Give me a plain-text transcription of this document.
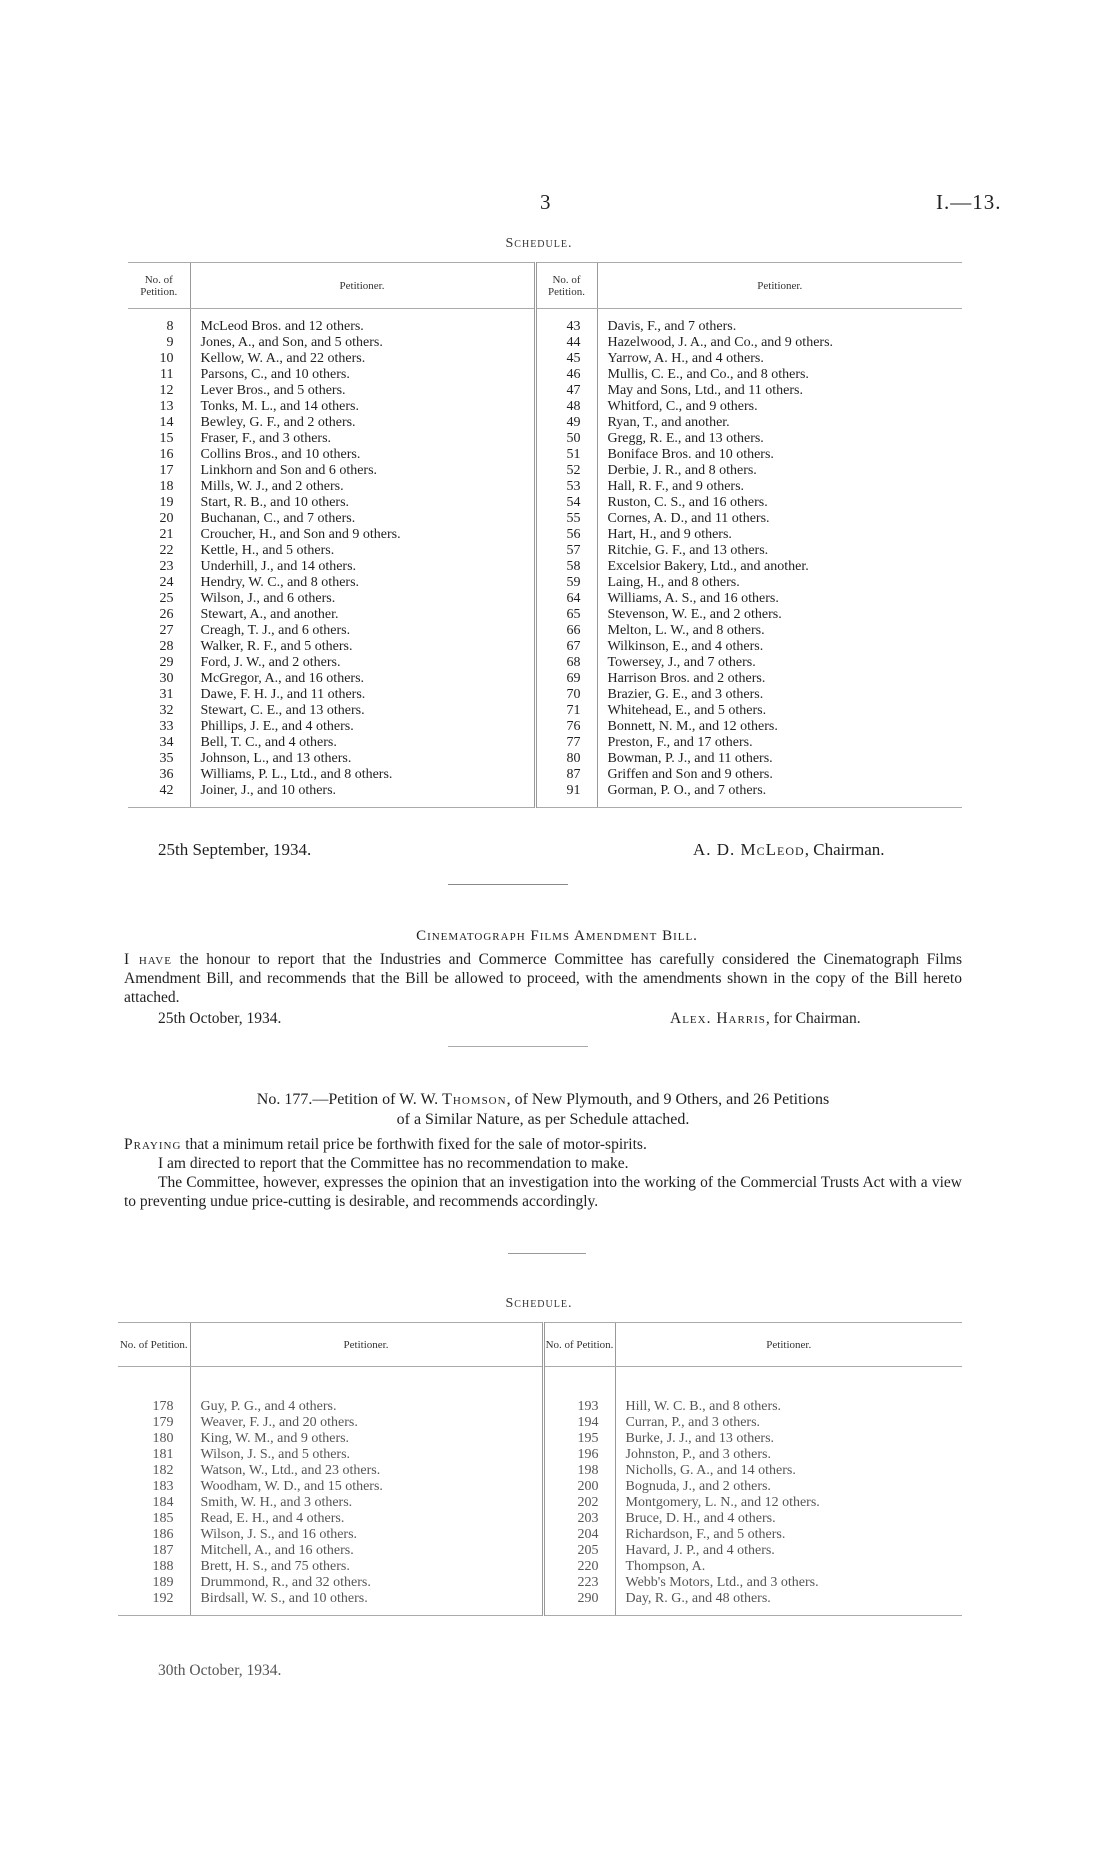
3	I.—13.
Schedule.
No. of Petition.	Petitioner.	No. of Petition.	Petitioner.

8	McLeod Bros. and 12 others.	43	Davis, F., and 7 others.
9	Jones, A., and Son, and 5 others.	44	Hazelwood, J. A., and Co., and 9 others.
10	Kellow, W. A., and 22 others.	45	Yarrow, A. H., and 4 others.
11	Parsons, C., and 10 others.	46	Mullis, C. E., and Co., and 8 others.
12	Lever Bros., and 5 others.	47	May and Sons, Ltd., and 11 others.
13	Tonks, M. L., and 14 others.	48	Whitford, C., and 9 others.
14	Bewley, G. F., and 2 others.	49	Ryan, T., and another.
15	Fraser, F., and 3 others.	50	Gregg, R. E., and 13 others.
16	Collins Bros., and 10 others.	51	Boniface Bros. and 10 others.
17	Linkhorn and Son and 6 others.	52	Derbie, J. R., and 8 others.
18	Mills, W. J., and 2 others.	53	Hall, R. F., and 9 others.
19	Start, R. B., and 10 others.	54	Ruston, C. S., and 16 others.
20	Buchanan, C., and 7 others.	55	Cornes, A. D., and 11 others.
21	Croucher, H., and Son and 9 others.	56	Hart, H., and 9 others.
22	Kettle, H., and 5 others.	57	Ritchie, G. F., and 13 others.
23	Underhill, J., and 14 others.	58	Excelsior Bakery, Ltd., and another.
24	Hendry, W. C., and 8 others.	59	Laing, H., and 8 others.
25	Wilson, J., and 6 others.	64	Williams, A. S., and 16 others.
26	Stewart, A., and another.	65	Stevenson, W. E., and 2 others.
27	Creagh, T. J., and 6 others.	66	Melton, L. W., and 8 others.
28	Walker, R. F., and 5 others.	67	Wilkinson, E., and 4 others.
29	Ford, J. W., and 2 others.	68	Towersey, J., and 7 others.
30	McGregor, A., and 16 others.	69	Harrison Bros. and 2 others.
31	Dawe, F. H. J., and 11 others.	70	Brazier, G. E., and 3 others.
32	Stewart, C. E., and 13 others.	71	Whitehead, E., and 5 others.
33	Phillips, J. E., and 4 others.	76	Bonnett, N. M., and 12 others.
34	Bell, T. C., and 4 others.	77	Preston, F., and 17 others.
35	Johnson, L., and 13 others.	80	Bowman, P. J., and 11 others.
36	Williams, P. L., Ltd., and 8 others.	87	Griffen and Son and 9 others.
42	Joiner, J., and 10 others.	91	Gorman, P. O., and 7 others.
25th September, 1934.	A. D. McLeod, Chairman.
Cinematograph Films Amendment Bill.
I have the honour to report that the Industries and Commerce Committee has carefully considered the Cinematograph Films Amendment Bill, and recommends that the Bill be allowed to proceed, with the amendments shown in the copy of the Bill hereto attached.
25th October, 1934.	Alex. Harris, for Chairman.
No. 177.—Petition of W. W. Thomson, of New Plymouth, and 9 Others, and 26 Petitions
of a Similar Nature, as per Schedule attached.
Praying that a minimum retail price be forthwith fixed for the sale of motor-spirits.
I am directed to report that the Committee has no recommendation to make.
The Committee, however, expresses the opinion that an investigation into the working of the Commercial Trusts Act with a view to preventing undue price-cutting is desirable, and recommends accordingly.
Schedule.
No. of Petition.	Petitioner.	No. of Petition.	Petitioner.

178	Guy, P. G., and 4 others.	193	Hill, W. C. B., and 8 others.
179	Weaver, F. J., and 20 others.	194	Curran, P., and 3 others.
180	King, W. M., and 9 others.	195	Burke, J. J., and 13 others.
181	Wilson, J. S., and 5 others.	196	Johnston, P., and 3 others.
182	Watson, W., Ltd., and 23 others.	198	Nicholls, G. A., and 14 others.
183	Woodham, W. D., and 15 others.	200	Bognuda, J., and 2 others.
184	Smith, W. H., and 3 others.	202	Montgomery, L. N., and 12 others.
185	Read, E. H., and 4 others.	203	Bruce, D. H., and 4 others.
186	Wilson, J. S., and 16 others.	204	Richardson, F., and 5 others.
187	Mitchell, A., and 16 others.	205	Havard, J. P., and 4 others.
188	Brett, H. S., and 75 others.	220	Thompson, A.
189	Drummond, R., and 32 others.	223	Webb's Motors, Ltd., and 3 others.
192	Birdsall, W. S., and 10 others.	290	Day, R. G., and 48 others.
30th October, 1934.
